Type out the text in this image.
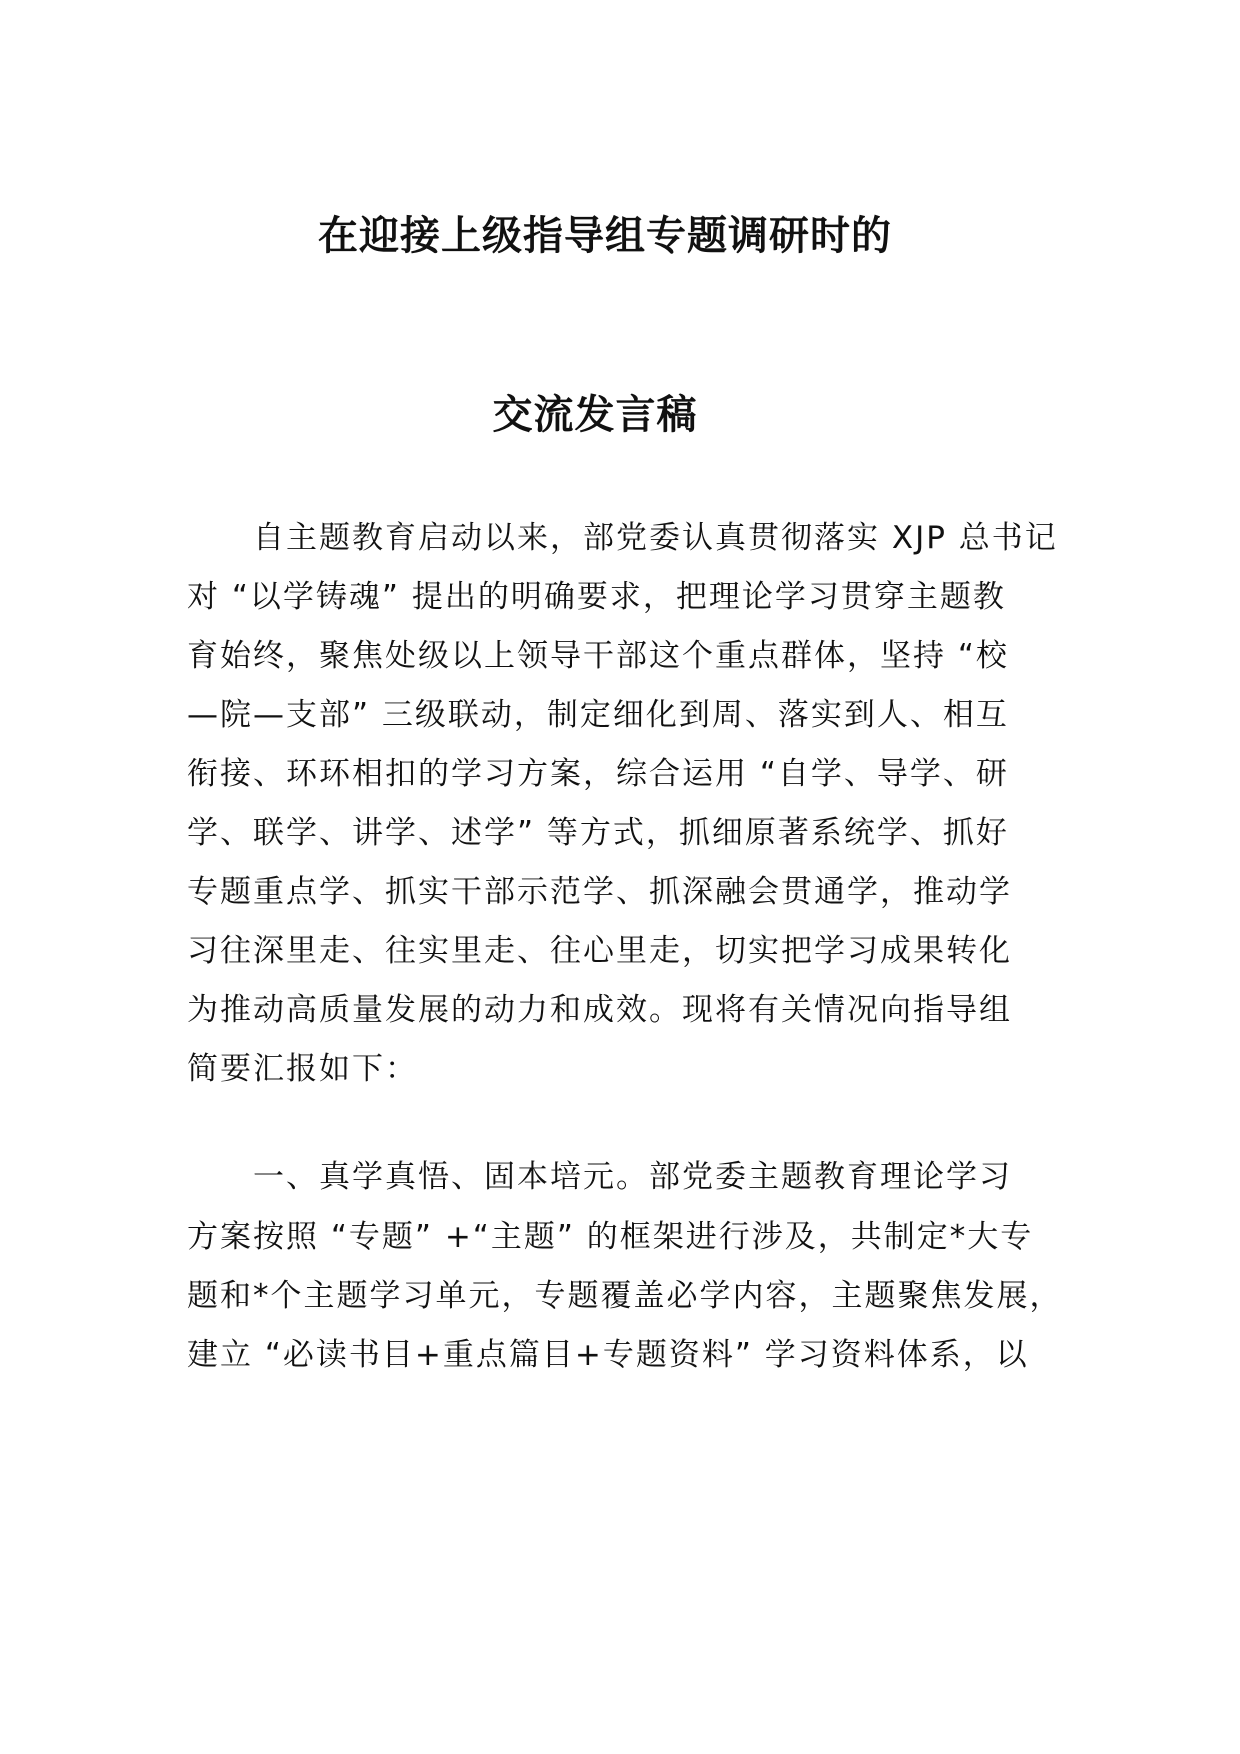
在迎接上级指导组专题调研时的
交流发言稿
自主题教育启动以来，部党委认真贯彻落实 XJP 总书记
对 “以学铸魂” 提出的明确要求，把理论学习贯穿主题教
育始终，聚焦处级以上领导干部这个重点群体，坚持 “校
—院—支部” 三级联动，制定细化到周、落实到人、相互
衔接、环环相扣的学习方案，综合运用 “自学、导学、研
学、联学、讲学、述学” 等方式，抓细原著系统学、抓好
专题重点学、抓实干部示范学、抓深融会贯通学，推动学
习往深里走、往实里走、往心里走，切实把学习成果转化
为推动高质量发展的动力和成效。现将有关情况向指导组
简要汇报如下：
一、真学真悟、固本培元。部党委主题教育理论学习
方案按照 “专题” +“主题” 的框架进行涉及，共制定*大专
题和*个主题学习单元，专题覆盖必学内容，主题聚焦发展，
建立 “必读书目+重点篇目+专题资料” 学习资料体系，以
